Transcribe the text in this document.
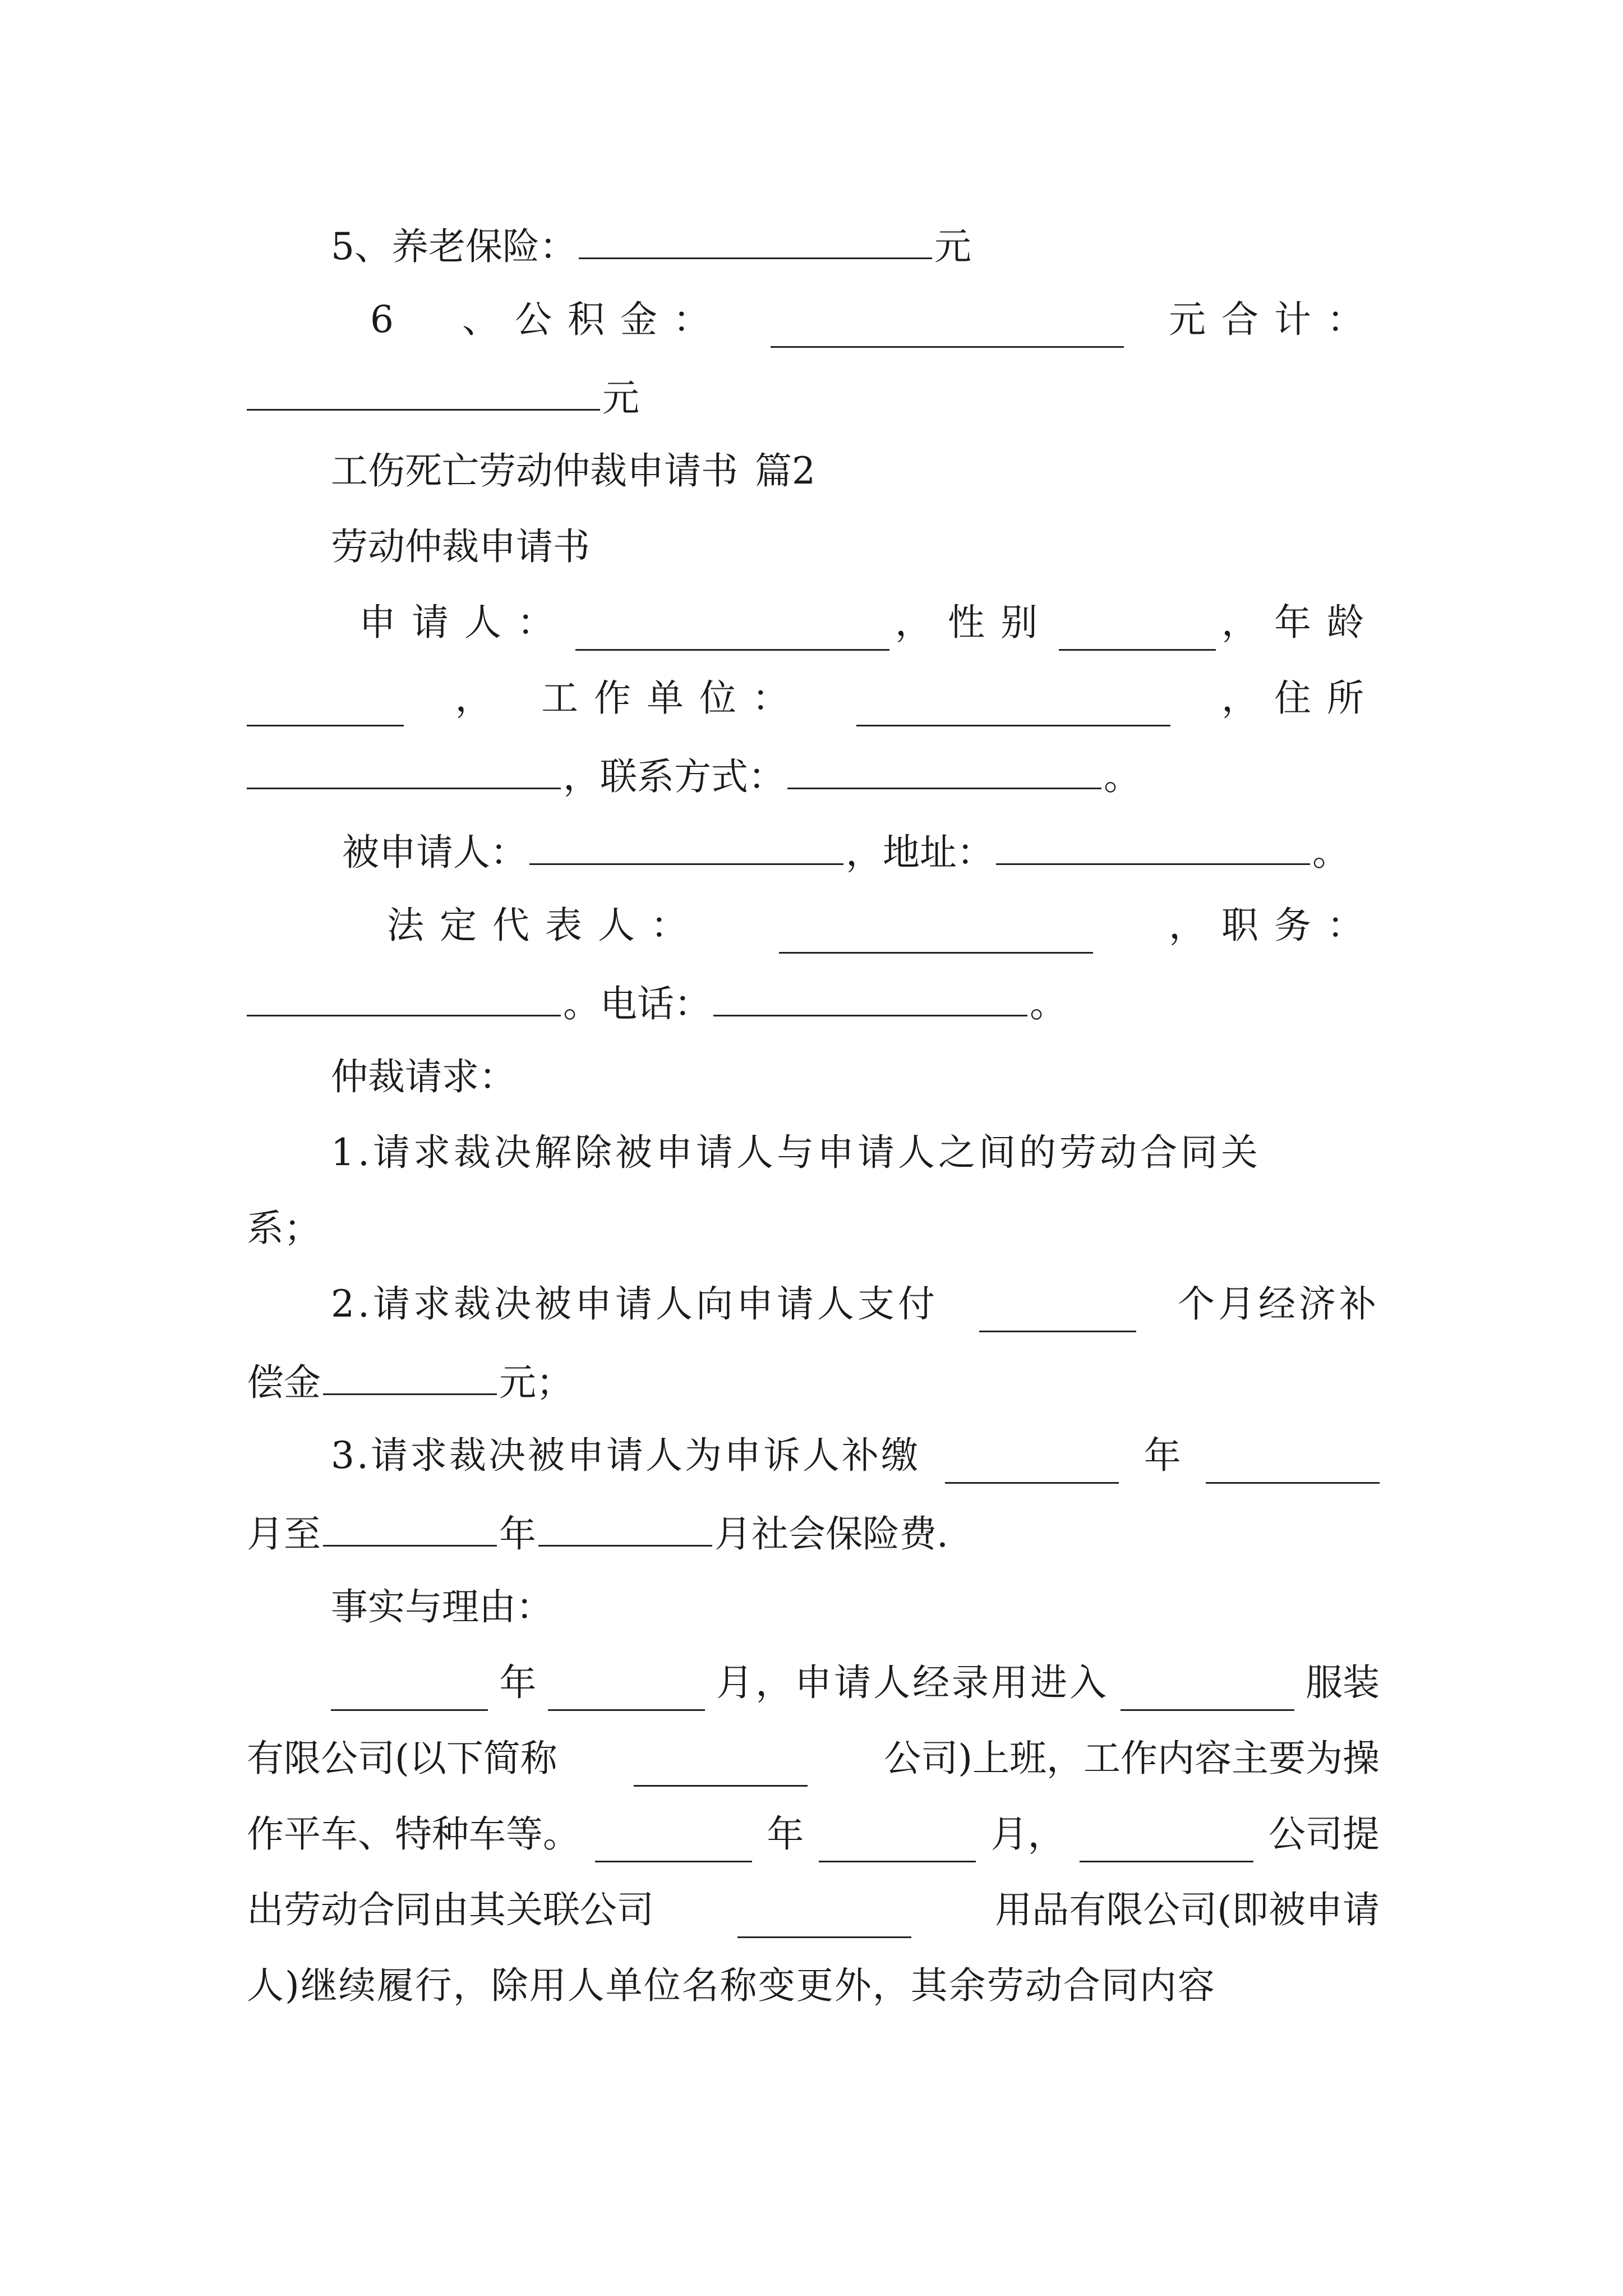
5、养老保险：	元
6　、公积金：	元合计：
元
工伤死亡劳动仲裁申请书 篇2
劳动仲裁申请书
申请人：	，性别	，年龄
， 工作单位：	，住所
，联系方式：	。
被申请人：	，地址：	。
法定代表人：	，职务：
。电话：	。
仲裁请求：
1.请求裁决解除被申请人与申请人之间的劳动合同关
系；
2.请求裁决被申请人向申请人支付	个月经济补
偿金	元；
3.请求裁决被申请人为申诉人补缴	年
月至	年	月社会保险费.
事实与理由：
年	月，申请人经录用进入	服装
有限公司(以下简称	公司)上班，工作内容主要为操
作平车、特种车等。	年	月，	公司提
出劳动合同由其关联公司	用品有限公司(即被申请
人)继续履行，除用人单位名称变更外，其余劳动合同内容
